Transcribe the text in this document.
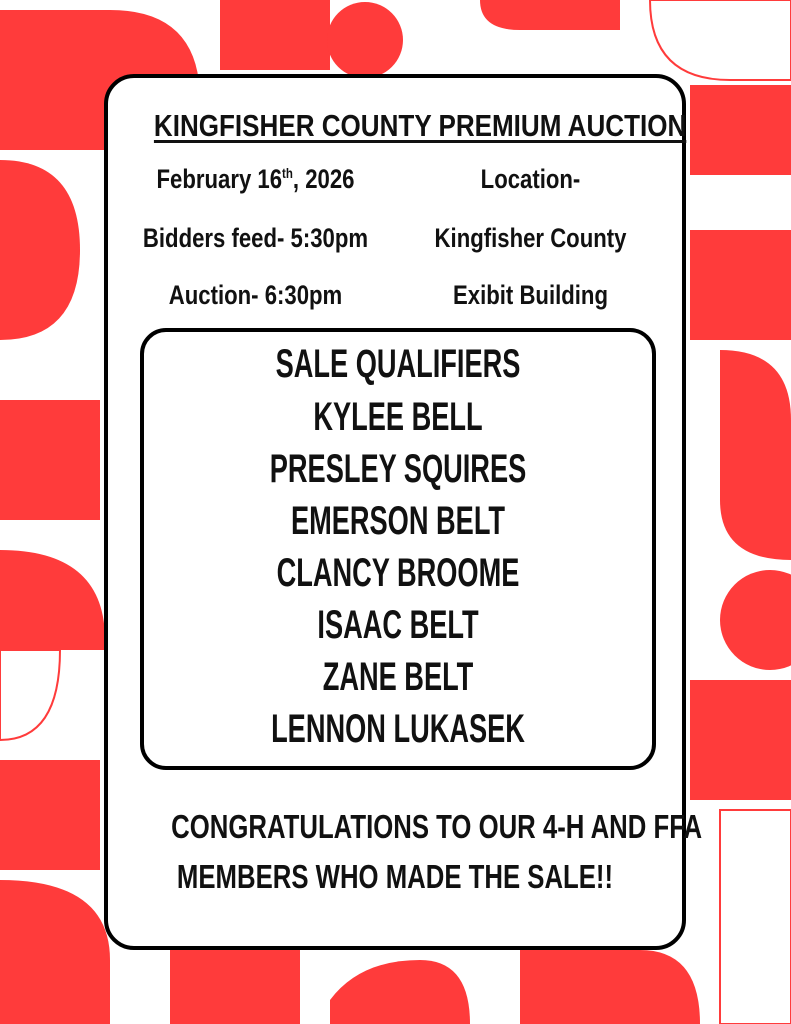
KINGFISHER COUNTY PREMIUM AUCTION
February 16th, 2026
Bidders feed- 5:30pm
Auction- 6:30pm
Location-
Kingfisher County
Exibit Building
SALE QUALIFIERS
KYLEE BELL
PRESLEY SQUIRES
EMERSON BELT
CLANCY BROOME
ISAAC BELT
ZANE BELT
LENNON LUKASEK
CONGRATULATIONS TO OUR 4-H AND FFA
MEMBERS WHO MADE THE SALE!!
